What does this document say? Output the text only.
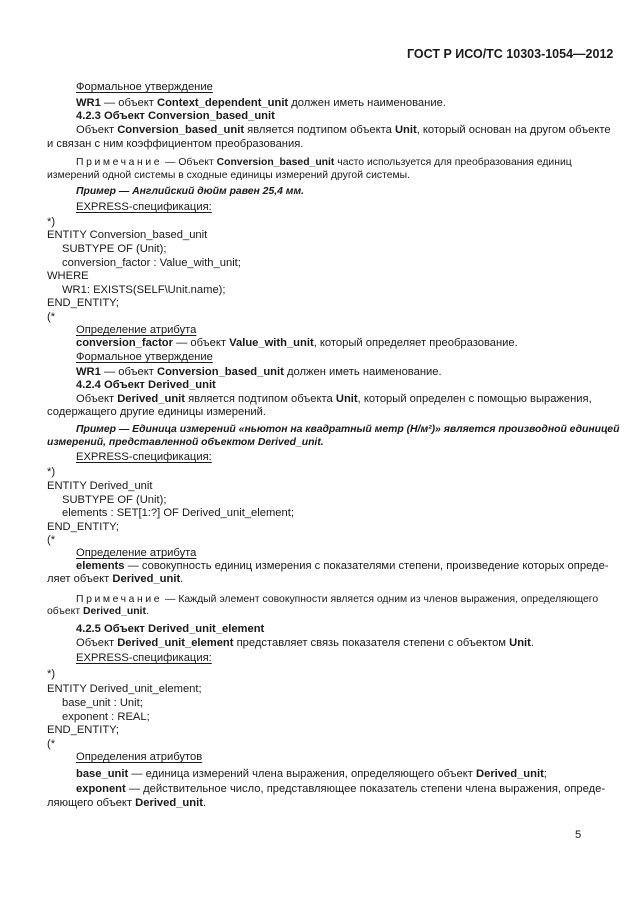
ГОСТ Р ИСО/ТС 10303-1054—2012
Формальное утверждение
WR1 — объект Context_dependent_unit должен иметь наименование.
4.2.3 Объект Conversion_based_unit
Объект Conversion_based_unit является подтипом объекта Unit, который основан на другом объекте
и связан с ним коэффициентом преобразования.
Примечание — Объект Conversion_based_unit часто используется для преобразования единиц
измерений одной системы в сходные единицы измерений другой системы.
Пример — Английский дюйм равен 25,4 мм.
EXPRESS-спецификация:
*)
ENTITY Conversion_based_unit
SUBTYPE OF (Unit);
conversion_factor : Value_with_unit;
WHERE
WR1: EXISTS(SELF\Unit.name);
END_ENTITY;
(*
Определение атрибута
conversion_factor — объект Value_with_unit, который определяет преобразование.
Формальное утверждение
WR1 — объект Conversion_based_unit должен иметь наименование.
4.2.4 Объект Derived_unit
Объект Derived_unit является подтипом объекта Unit, который определен с помощью выражения,
содержащего другие единицы измерений.
Пример — Единица измерений «ньютон на квадратный метр (Н/м²)» является производной единицей
измерений, представленной объектом Derived_unit.
EXPRESS-спецификация:
*)
ENTITY Derived_unit
SUBTYPE OF (Unit);
elements : SET[1:?] OF Derived_unit_element;
END_ENTITY;
(*
Определение атрибута
elements — совокупность единиц измерения с показателями степени, произведение которых опреде-
ляет объект Derived_unit.
Примечание — Каждый элемент совокупности является одним из членов выражения, определяющего
объект Derived_unit.
4.2.5 Объект Derived_unit_element
Объект Derived_unit_element представляет связь показателя степени с объектом Unit.
EXPRESS-спецификация:
*)
ENTITY Derived_unit_element;
base_unit : Unit;
exponent : REAL;
END_ENTITY;
(*
Определения атрибутов
base_unit — единица измерений члена выражения, определяющего объект Derived_unit;
exponent — действительное число, представляющее показатель степени члена выражения, опреде-
ляющего объект Derived_unit.
5
